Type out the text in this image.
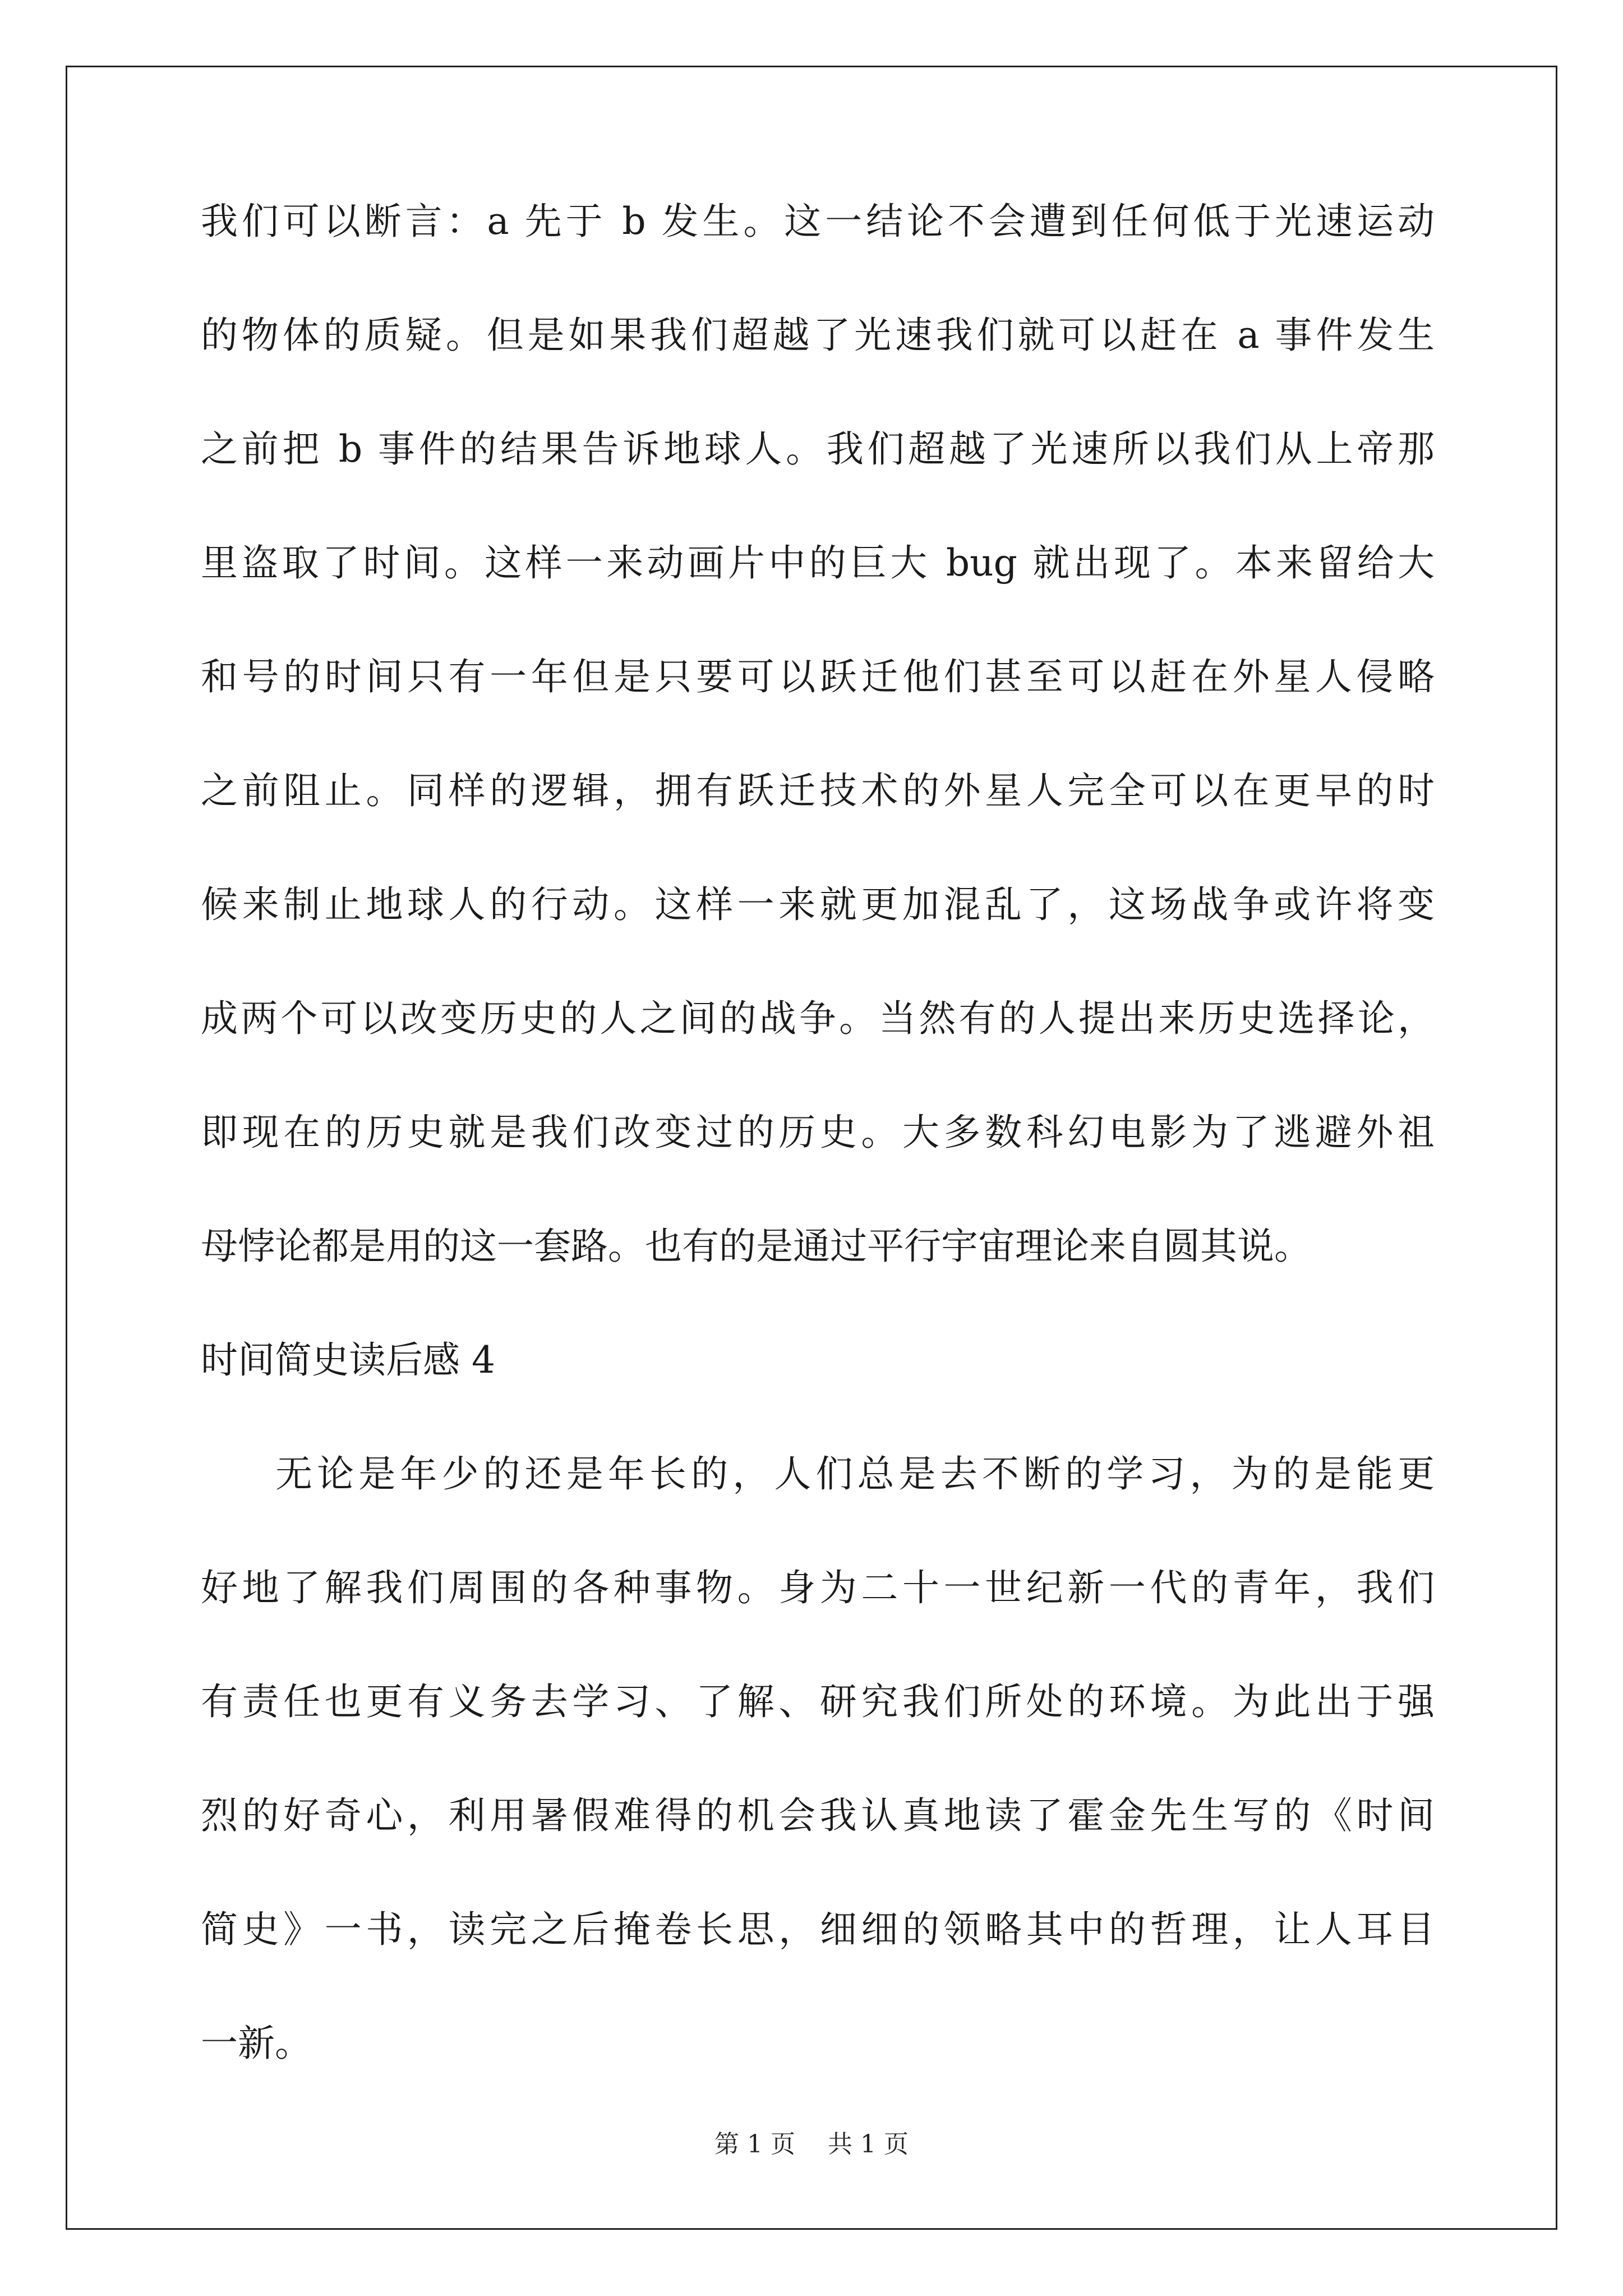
我们可以断言：a 先于 b 发生。这一结论不会遭到任何低于光速运动
的物体的质疑。但是如果我们超越了光速我们就可以赶在 a 事件发生
之前把 b 事件的结果告诉地球人。我们超越了光速所以我们从上帝那
里盗取了时间。这样一来动画片中的巨大 bug 就出现了。本来留给大
和号的时间只有一年但是只要可以跃迁他们甚至可以赶在外星人侵略
之前阻止。同样的逻辑，拥有跃迁技术的外星人完全可以在更早的时
候来制止地球人的行动。这样一来就更加混乱了，这场战争或许将变
成两个可以改变历史的人之间的战争。当然有的人提出来历史选择论，
即现在的历史就是我们改变过的历史。大多数科幻电影为了逃避外祖
母悖论都是用的这一套路。也有的是通过平行宇宙理论来自圆其说。
时间简史读后感 4
无论是年少的还是年长的，人们总是去不断的学习，为的是能更
好地了解我们周围的各种事物。身为二十一世纪新一代的青年，我们
有责任也更有义务去学习、了解、研究我们所处的环境。为此出于强
烈的好奇心，利用暑假难得的机会我认真地读了霍金先生写的《时间
简史》一书，读完之后掩卷长思，细细的领略其中的哲理，让人耳目
一新。
第 1 页 共 1 页
